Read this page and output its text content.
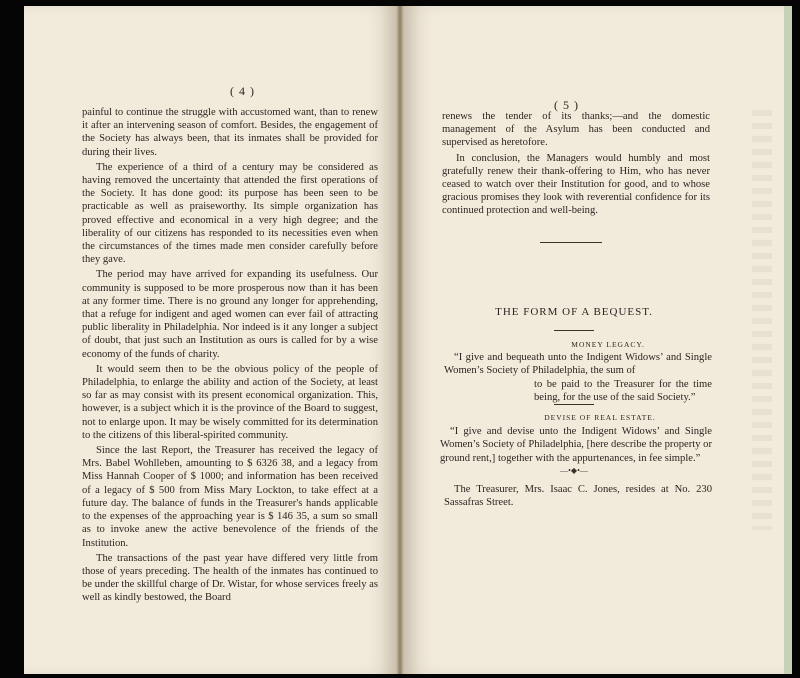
( 4 )

painful to continue the struggle with accustomed want, than to renew it after an intervening season of comfort. Besides, the engagement of the Society has always been, that its inmates shall be provided for during their lives.

The experience of a third of a century may be considered as having removed the uncertainty that attended the first operations of the Society. It has done good: its purpose has been seen to be practicable as well as praiseworthy. Its simple organization has proved effective and economical in a very high degree; and the liberality of our citizens has responded to its necessities even when the circumstances of the times made men consider carefully before they gave.

The period may have arrived for expanding its usefulness. Our community is supposed to be more prosperous now than it has been at any former time. There is no ground any longer for apprehending, that a refuge for indigent and aged women can ever fail of attracting public liberality in Philadelphia. Nor indeed is it any longer a subject of doubt, that just such an Institution as ours is called for by a wise economy of the funds of charity.

It would seem then to be the obvious policy of the people of Philadelphia, to enlarge the ability and action of the Society, at least so far as may consist with its present economical organization. This, however, is a subject which it is the province of the Board to suggest, not to enlarge upon. It may be wisely committed for its determination to the citizens of this liberal-spirited community.

Since the last Report, the Treasurer has received the legacy of Mrs. Babel Wohlleben, amounting to $ 6326 38, and a legacy from Miss Hannah Cooper of $ 1000; and information has been received of a legacy of $ 500 from Miss Mary Lockton, to take effect at a future day. The balance of funds in the Treasurer's hands applicable to the expenses of the approaching year is $ 146 35, a sum so small as to invoke anew the active benevolence of the friends of the Institution.

The transactions of the past year have differed very little from those of years preceding. The health of the inmates has continued to be under the skillful charge of Dr. Wistar, for whose services freely as well as kindly bestowed, the Board

( 5 )

renews the tender of its thanks;—and the domestic management of the Asylum has been conducted and supervised as heretofore.

In conclusion, the Managers would humbly and most gratefully renew their thank-offering to Him, who has never ceased to watch over their Institution for good, and to whose gracious promises they look with reverential confidence for its continued protection and well-being.

THE FORM OF A BEQUEST.
MONEY LEGACY.

“I give and bequeath unto the Indigent Widows’ and Single Women’s Society of Philadelphia, the sum of

to be paid to the Treasurer for the time being, for the use of the said Society.”

DEVISE OF REAL ESTATE.

“I give and devise unto the Indigent Widows’ and Single Women’s Society of Philadelphia, [here describe the property or ground rent,] together with the appurtenances, in fee simple.”

—•◆•—

The Treasurer, Mrs. Isaac C. Jones, resides at No. 230 Sassafras Street.
